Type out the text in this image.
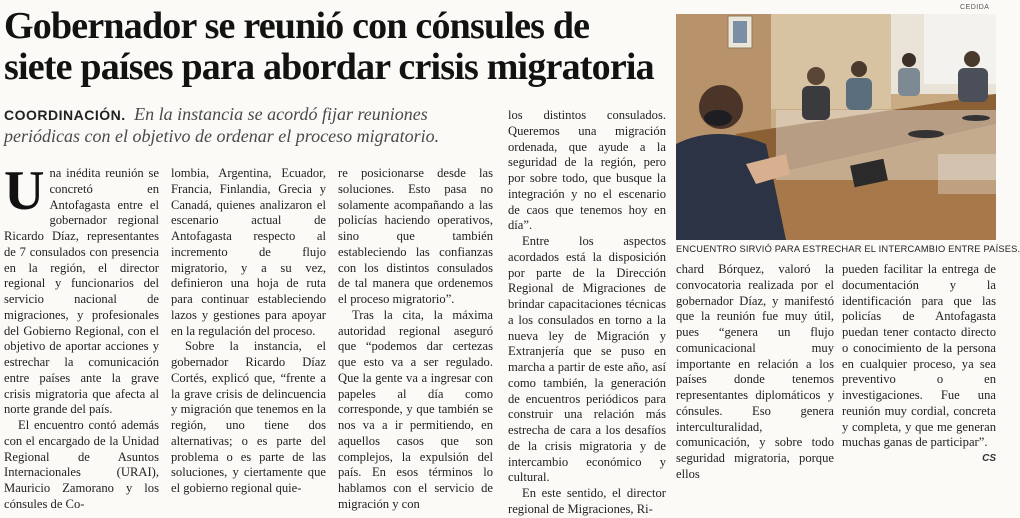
Gobernador se reunió con cónsules de
siete países para abordar crisis migratoria
COORDINACIÓN. En la instancia se acordó fijar reuniones periódicas con el objetivo de ordenar el proceso migratorio.

Una inédita reunión se concretó en Antofagasta entre el gobernador regional Ricardo Díaz, representantes de 7 consulados con presencia en la región, el director regional y funcionarios del servicio nacional de migraciones, y profesionales del Gobierno Regional, con el objetivo de aportar acciones y estrechar la comunicación entre países ante la grave crisis migratoria que afecta al norte grande del país.

El encuentro contó además con el encargado de la Unidad Regional de Asuntos Internacionales (URAI), Mauricio Zamorano y los cónsules de Co-

lombia, Argentina, Ecuador, Francia, Finlandia, Grecia y Canadá, quienes analizaron el escenario actual de Antofagasta respecto al incremento de flujo migratorio, y a su vez, definieron una hoja de ruta para continuar estableciendo lazos y gestiones para apoyar en la regulación del proceso.

Sobre la instancia, el gobernador Ricardo Díaz Cortés, explicó que, “frente a la grave crisis de delincuencia y migración que tenemos en la región, uno tiene dos alternativas; o es parte del problema o es parte de las soluciones, y ciertamente que el gobierno regional quie-

re posicionarse desde las soluciones. Esto pasa no solamente acompañando a las policías haciendo operativos, sino que también estableciendo las confianzas con los distintos consulados de tal manera que ordenemos el proceso migratorio”.

Tras la cita, la máxima autoridad regional aseguró que “podemos dar certezas que esto va a ser regulado. Que la gente va a ingresar con papeles al día como corresponde, y que también se nos va a ir permitiendo, en aquellos casos que son complejos, la expulsión del país. En esos términos lo hablamos con el servicio de migración y con

los distintos consulados. Queremos una migración ordenada, que ayude a la seguridad de la región, pero por sobre todo, que busque la integración y no el escenario de caos que tenemos hoy en día”.

Entre los aspectos acordados está la disposición por parte de la Dirección Regional de Migraciones de brindar capacitaciones técnicas a los consulados en torno a la nueva ley de Migración y Extranjería que se puso en marcha a partir de este año, así como también, la generación de encuentros periódicos para construir una relación más estrecha de cara a los desafíos de la crisis migratoria y de intercambio económico y cultural.

En este sentido, el director regional de Migraciones, Ri-

CEDIDA
ENCUENTRO SIRVIÓ PARA ESTRECHAR EL INTERCAMBIO ENTRE PAÍSES.

chard Bórquez, valoró la convocatoria realizada por el gobernador Díaz, y manifestó que la reunión fue muy útil, pues “genera un flujo comunicacional muy importante en relación a los países donde tenemos representantes diplomáticos y cónsules. Eso genera interculturalidad, comunicación, y sobre todo seguridad migratoria, porque ellos

pueden facilitar la entrega de documentación y la identificación para que las policías de Antofagasta puedan tener contacto directo o conocimiento de la persona en cualquier proceso, ya sea preventivo o en investigaciones. Fue una reunión muy cordial, concreta y completa, y que me generan muchas ganas de participar”.
CS
